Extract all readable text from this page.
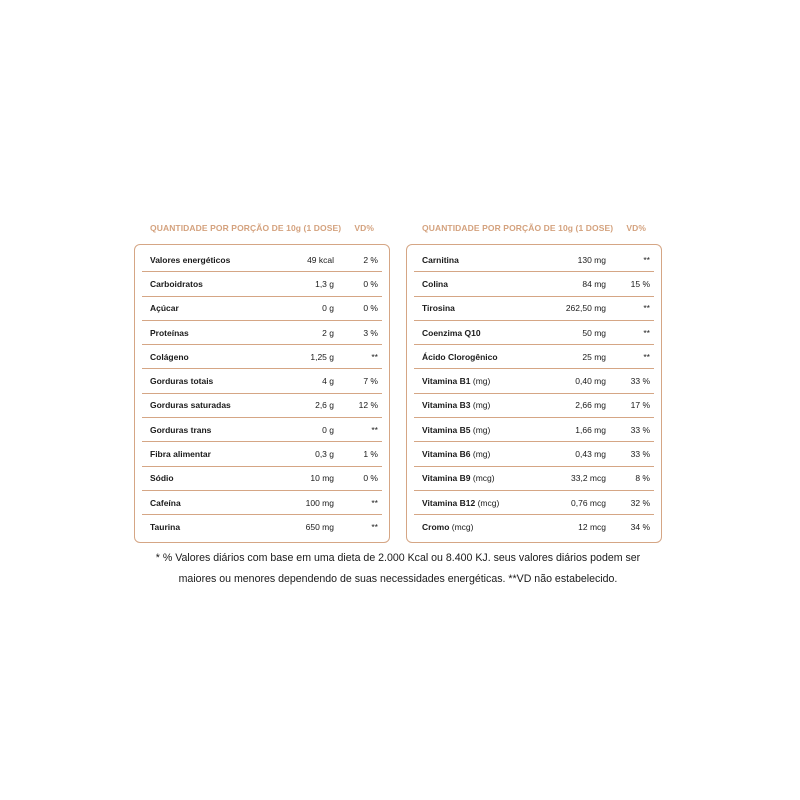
QUANTIDADE POR PORÇÃO DE 10g (1 DOSE) VD%
Valores energéticos	49 kcal	2 %
Carboidratos	1,3 g	0 %
Açúcar	0 g	0 %
Proteínas	2 g	3 %
Colágeno	1,25 g	**
Gorduras totais	4 g	7 %
Gorduras saturadas	2,6 g	12 %
Gorduras trans	0 g	**
Fibra alimentar	0,3 g	1 %
Sódio	10 mg	0 %
Cafeína	100 mg	**
Taurina	650 mg	**
QUANTIDADE POR PORÇÃO DE 10g (1 DOSE) VD%
Carnitina	130 mg	**
Colina	84 mg	15 %
Tirosina	262,50 mg	**
Coenzima Q10	50 mg	**
Ácido Clorogênico	25 mg	**
Vitamina B1 (mg)	0,40 mg	33 %
Vitamina B3 (mg)	2,66 mg	17 %
Vitamina B5 (mg)	1,66 mg	33 %
Vitamina B6 (mg)	0,43 mg	33 %
Vitamina B9 (mcg)	33,2 mcg	8 %
Vitamina B12 (mcg)	0,76 mcg	32 %
Cromo (mcg)	12 mcg	34 %
* % Valores diários com base em uma dieta de 2.000 Kcal ou 8.400 KJ. seus valores diários podem ser
maiores ou menores dependendo de suas necessidades energéticas. **VD não estabelecido.
